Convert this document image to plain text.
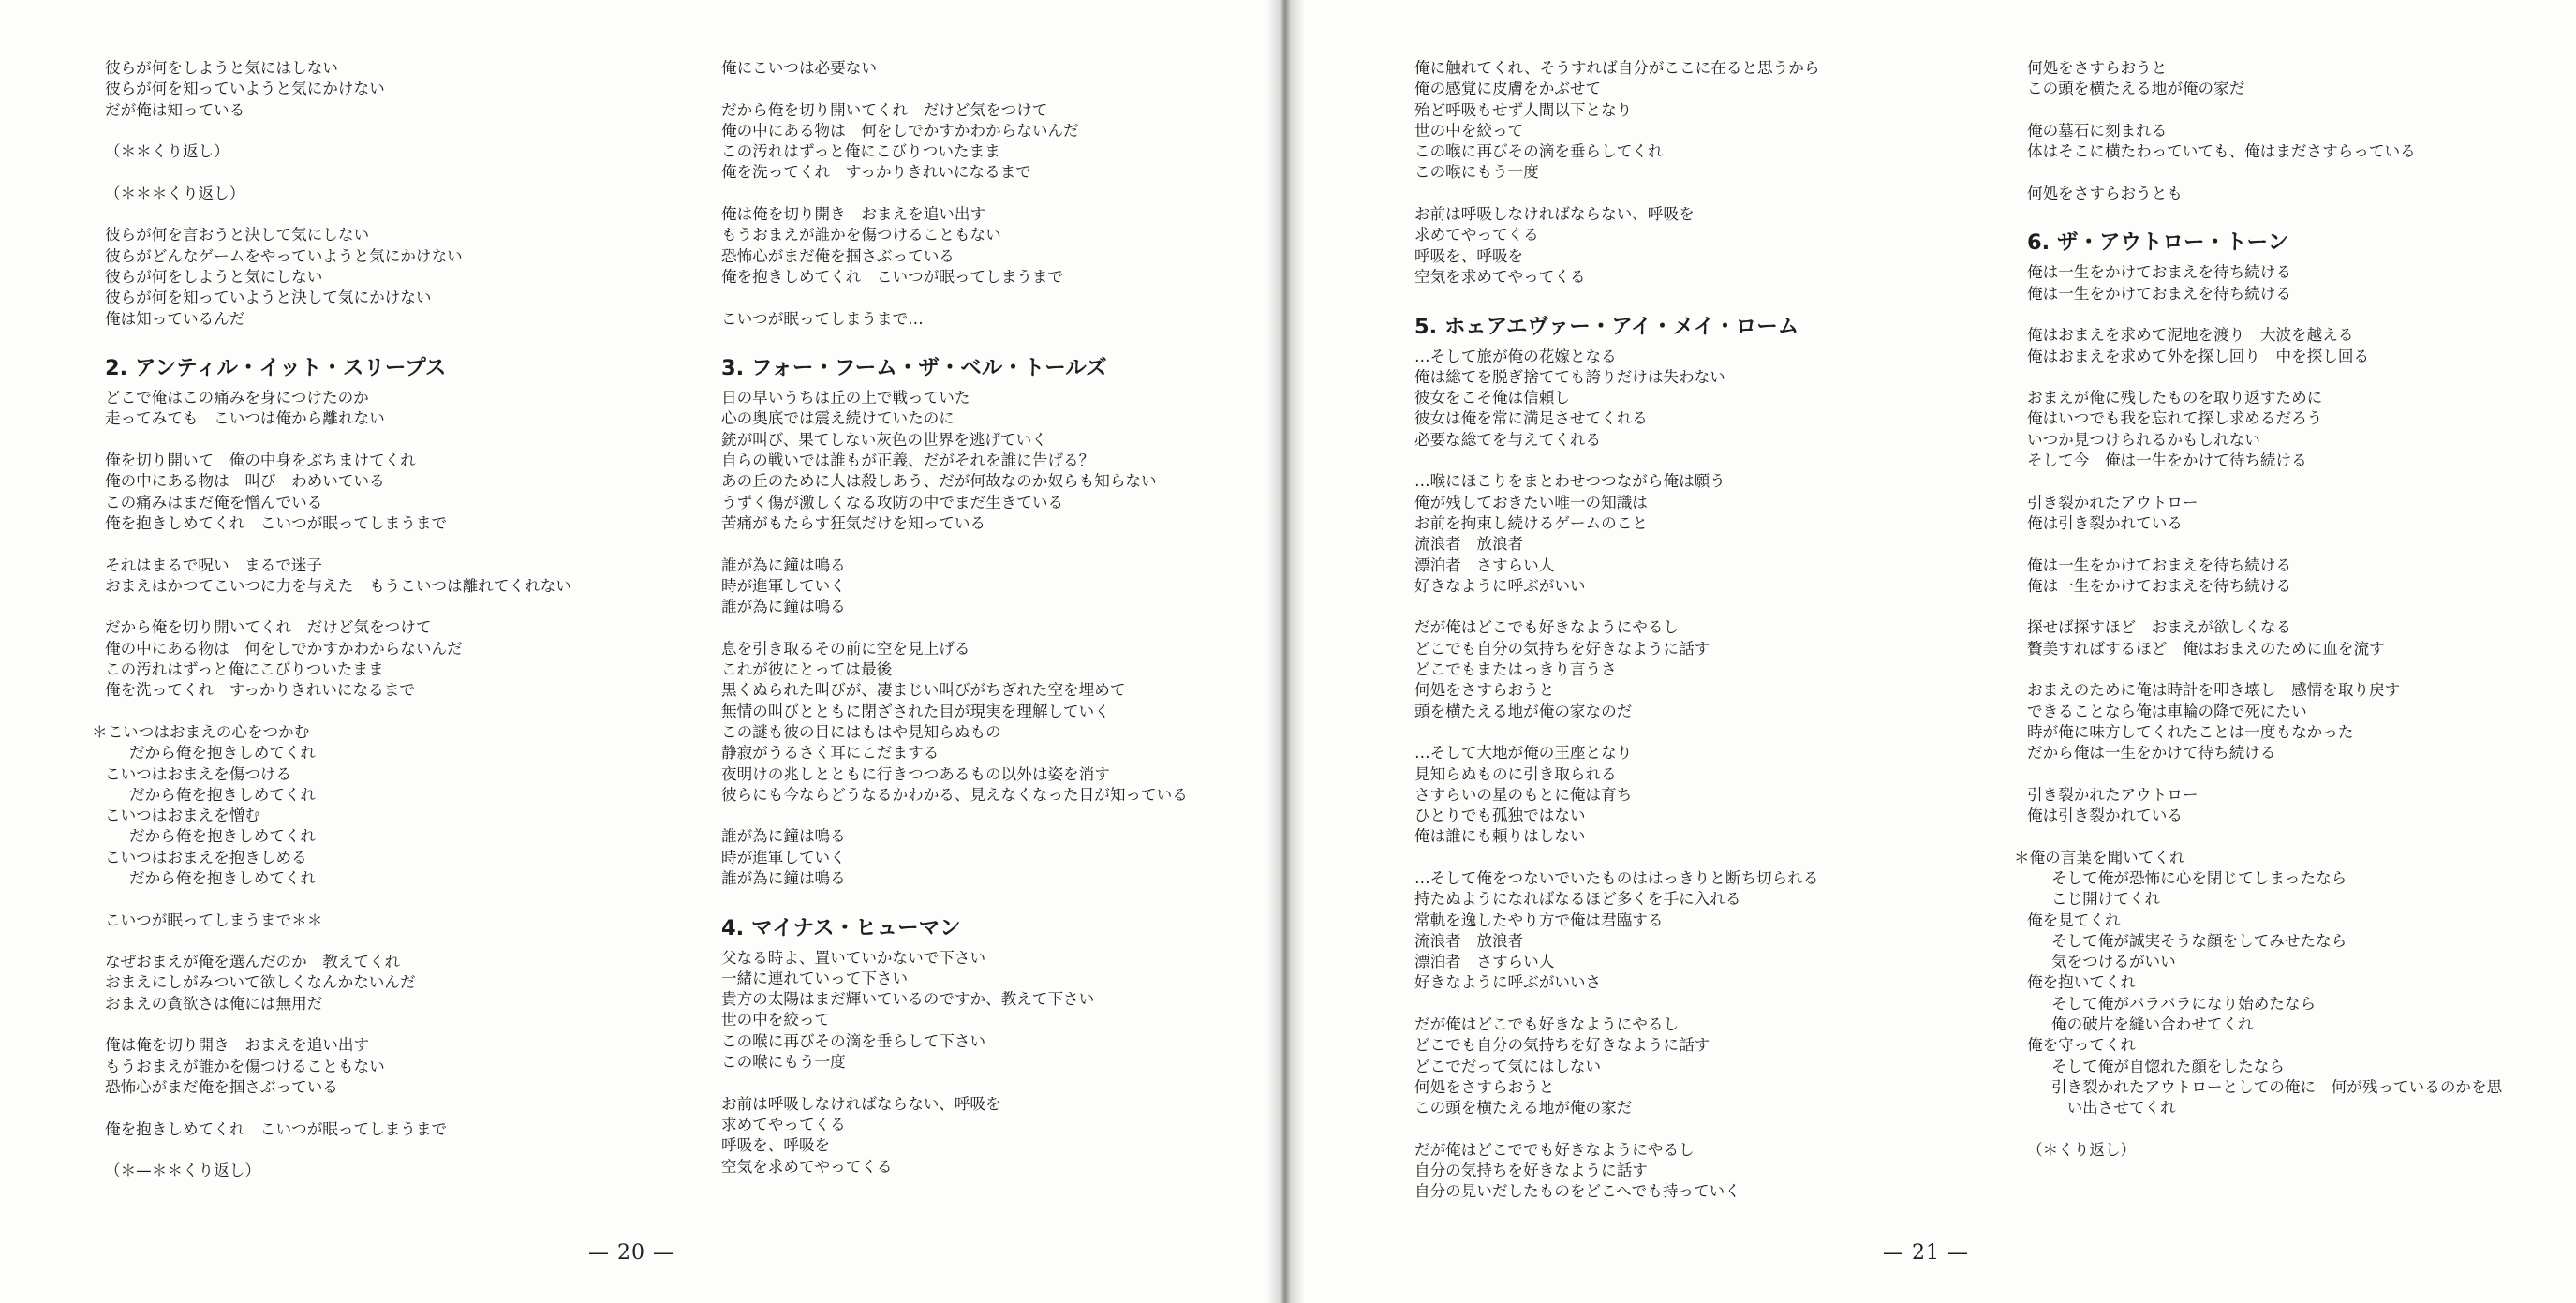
彼らが何をしようと気にはしない
彼らが何を知っていようと気にかけない
だが俺は知っている
（＊＊くり返し）
（＊＊＊くり返し）
彼らが何を言おうと決して気にしない
彼らがどんなゲームをやっていようと気にかけない
彼らが何をしようと気にしない
彼らが何を知っていようと決して気にかけない
俺は知っているんだ
2. アンティル・イット・スリープス
どこで俺はこの痛みを身につけたのか
走ってみても　こいつは俺から離れない
俺を切り開いて　俺の中身をぶちまけてくれ
俺の中にある物は　叫び　わめいている
この痛みはまだ俺を憎んでいる
俺を抱きしめてくれ　こいつが眠ってしまうまで
それはまるで呪い　まるで迷子
おまえはかつてこいつに力を与えた　もうこいつは離れてくれない
だから俺を切り開いてくれ　だけど気をつけて
俺の中にある物は　何をしでかすかわからないんだ
この汚れはずっと俺にこびりついたまま
俺を洗ってくれ　すっかりきれいになるまで
＊こいつはおまえの心をつかむ
だから俺を抱きしめてくれ
こいつはおまえを傷つける
だから俺を抱きしめてくれ
こいつはおまえを憎む
だから俺を抱きしめてくれ
こいつはおまえを抱きしめる
だから俺を抱きしめてくれ
こいつが眠ってしまうまで＊＊
なぜおまえが俺を選んだのか　教えてくれ
おまえにしがみついて欲しくなんかないんだ
おまえの貪欲さは俺には無用だ
俺は俺を切り開き　おまえを追い出す
もうおまえが誰かを傷つけることもない
恐怖心がまだ俺を掴さぶっている
俺を抱きしめてくれ　こいつが眠ってしまうまで
（＊—＊＊くり返し）
俺にこいつは必要ない
だから俺を切り開いてくれ　だけど気をつけて
俺の中にある物は　何をしでかすかわからないんだ
この汚れはずっと俺にこびりついたまま
俺を洗ってくれ　すっかりきれいになるまで
俺は俺を切り開き　おまえを追い出す
もうおまえが誰かを傷つけることもない
恐怖心がまだ俺を掴さぶっている
俺を抱きしめてくれ　こいつが眠ってしまうまで
こいつが眠ってしまうまで…
3. フォー・フーム・ザ・ベル・トールズ
日の早いうちは丘の上で戦っていた
心の奥底では震え続けていたのに
銃が叫び、果てしない灰色の世界を逃げていく
自らの戦いでは誰もが正義、だがそれを誰に告げる？
あの丘のために人は殺しあう、だが何故なのか奴らも知らない
うずく傷が激しくなる攻防の中でまだ生きている
苦痛がもたらす狂気だけを知っている
誰が為に鐘は鳴る
時が進軍していく
誰が為に鐘は鳴る
息を引き取るその前に空を見上げる
これが彼にとっては最後
黒くぬられた叫びが、凄まじい叫びがちぎれた空を埋めて
無情の叫びとともに閉ざされた目が現実を理解していく
この謎も彼の目にはもはや見知らぬもの
静寂がうるさく耳にこだまする
夜明けの兆しとともに行きつつあるもの以外は姿を消す
彼らにも今ならどうなるかわかる、見えなくなった目が知っている
誰が為に鐘は鳴る
時が進軍していく
誰が為に鐘は鳴る
4. マイナス・ヒューマン
父なる時よ、置いていかないで下さい
一緒に連れていって下さい
貴方の太陽はまだ輝いているのですか、教えて下さい
世の中を絞って
この喉に再びその滴を垂らして下さい
この喉にもう一度
お前は呼吸しなければならない、呼吸を
求めてやってくる
呼吸を、呼吸を
空気を求めてやってくる
— 20 —
俺に触れてくれ、そうすれば自分がここに在ると思うから
俺の感覚に皮膚をかぶせて
殆ど呼吸もせず人間以下となり
世の中を絞って
この喉に再びその滴を垂らしてくれ
この喉にもう一度
お前は呼吸しなければならない、呼吸を
求めてやってくる
呼吸を、呼吸を
空気を求めてやってくる
5. ホェアエヴァー・アイ・メイ・ローム
…そして旅が俺の花嫁となる
俺は総てを脱ぎ捨てても誇りだけは失わない
彼女をこそ俺は信頼し
彼女は俺を常に満足させてくれる
必要な総てを与えてくれる
…喉にほこりをまとわせつつながら俺は願う
俺が残しておきたい唯一の知識は
お前を拘束し続けるゲームのこと
流浪者　放浪者
漂泊者　さすらい人
好きなように呼ぶがいい
だが俺はどこでも好きなようにやるし
どこでも自分の気持ちを好きなように話す
どこでもまたはっきり言うさ
何処をさすらおうと
頭を横たえる地が俺の家なのだ
…そして大地が俺の王座となり
見知らぬものに引き取られる
さすらいの星のもとに俺は育ち
ひとりでも孤独ではない
俺は誰にも頼りはしない
…そして俺をつないでいたものははっきりと断ち切られる
持たぬようになればなるほど多くを手に入れる
常軌を逸したやり方で俺は君臨する
流浪者　放浪者
漂泊者　さすらい人
好きなように呼ぶがいいさ
だが俺はどこでも好きなようにやるし
どこでも自分の気持ちを好きなように話す
どこでだって気にはしない
何処をさすらおうと
この頭を横たえる地が俺の家だ
だが俺はどこででも好きなようにやるし
自分の気持ちを好きなように話す
自分の見いだしたものをどこへでも持っていく
何処をさすらおうと
この頭を横たえる地が俺の家だ
俺の墓石に刻まれる
体はそこに横たわっていても、俺はまださすらっている
何処をさすらおうとも
6. ザ・アウトロー・トーン
俺は一生をかけておまえを待ち続ける
俺は一生をかけておまえを待ち続ける
俺はおまえを求めて泥地を渡り　大波を越える
俺はおまえを求めて外を探し回り　中を探し回る
おまえが俺に残したものを取り返すために
俺はいつでも我を忘れて探し求めるだろう
いつか見つけられるかもしれない
そして今　俺は一生をかけて待ち続ける
引き裂かれたアウトロー
俺は引き裂かれている
俺は一生をかけておまえを待ち続ける
俺は一生をかけておまえを待ち続ける
探せば探すほど　おまえが欲しくなる
贅美すればするほど　俺はおまえのために血を流す
おまえのために俺は時計を叩き壊し　感情を取り戻す
できることなら俺は車輪の降で死にたい
時が俺に味方してくれたことは一度もなかった
だから俺は一生をかけて待ち続ける
引き裂かれたアウトロー
俺は引き裂かれている
＊俺の言葉を聞いてくれ
そして俺が恐怖に心を閉じてしまったなら
こじ開けてくれ
俺を見てくれ
そして俺が誠実そうな顔をしてみせたなら
気をつけるがいい
俺を抱いてくれ
そして俺がバラバラになり始めたなら
俺の破片を縫い合わせてくれ
俺を守ってくれ
そして俺が自惚れた顔をしたなら
引き裂かれたアウトローとしての俺に　何が残っているのかを思
　い出させてくれ
（＊くり返し）
— 21 —
